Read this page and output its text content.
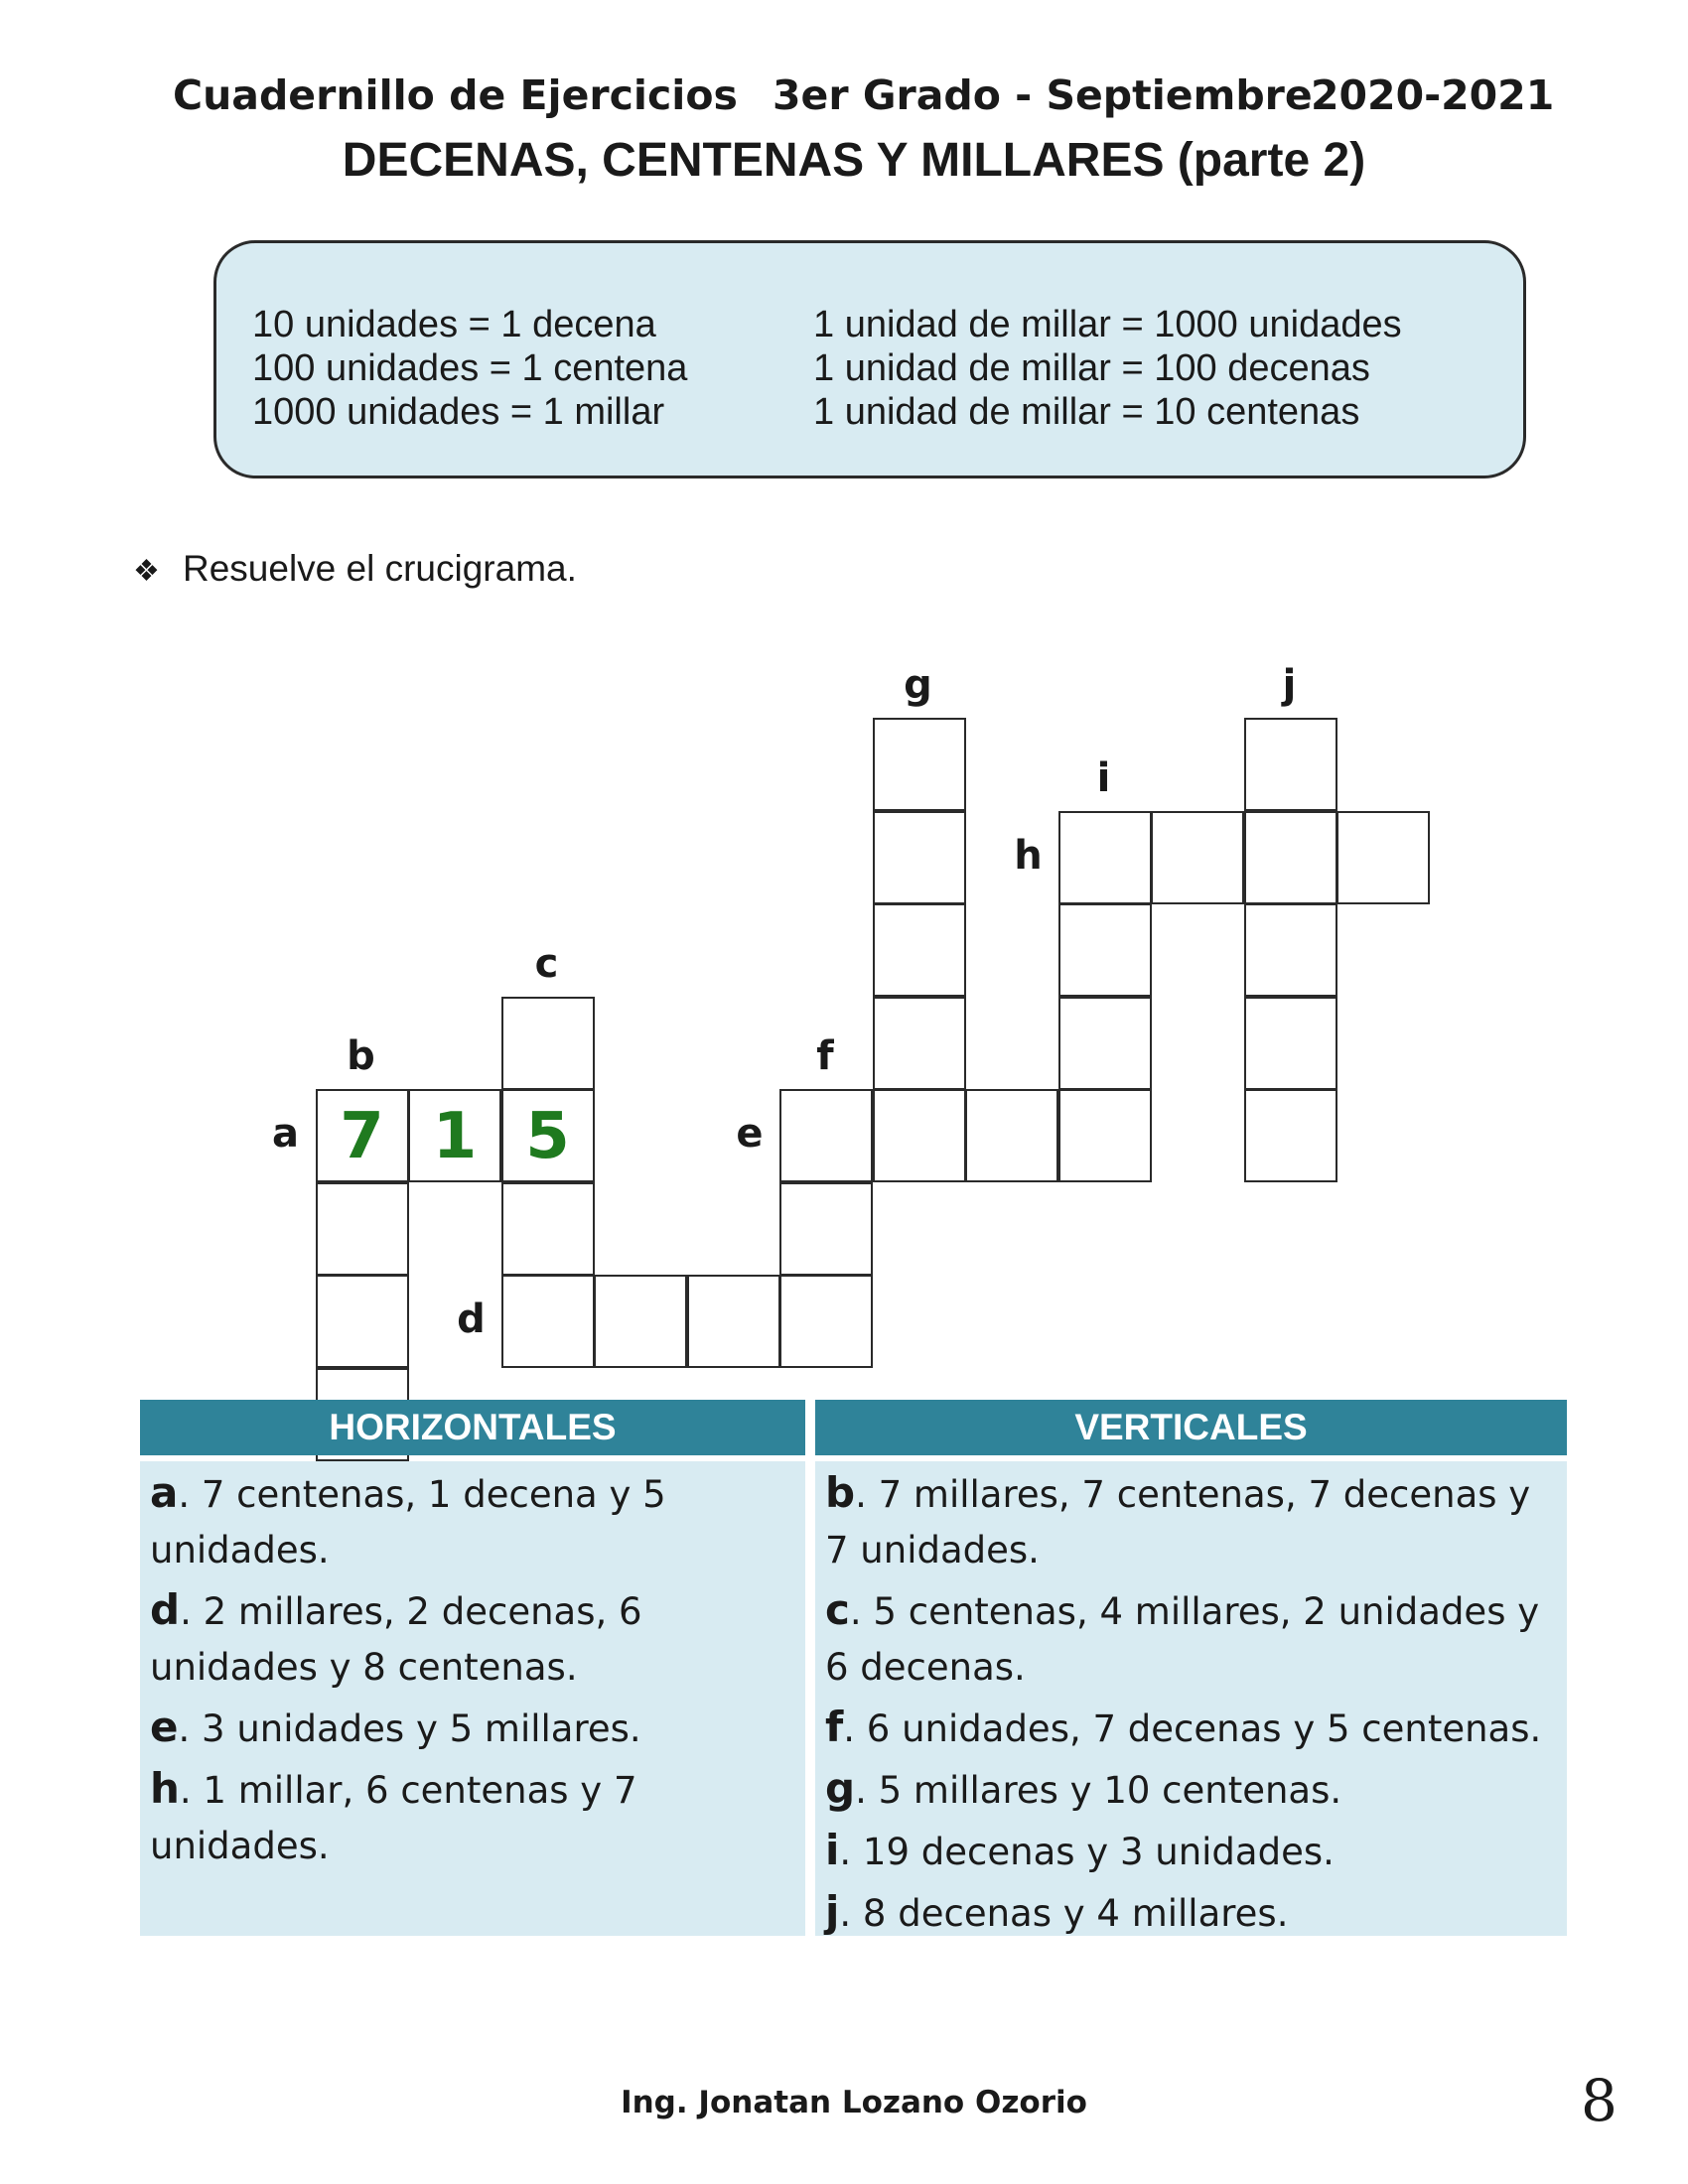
Cuadernillo de Ejercicios 3er Grado - Septiembre
2020-2021
DECENAS, CENTENAS Y MILLARES (parte 2)
10 unidades = 1 decena
100 unidades = 1 centena
1000 unidades = 1 millar
1 unidad de millar = 1000 unidades
1 unidad de millar = 100 decenas
1 unidad de millar = 10 centenas
❖ Resuelve el crucigrama.
7 1 5
a
b
c
d
e
f
g
h
i
j
HORIZONTALES	VERTICALES
a. 7 centenas, 1 decena y 5 unidades.
d. 2 millares, 2 decenas, 6 unidades y 8 centenas.
e. 3 unidades y 5 millares.
h. 1 millar, 6 centenas y 7 unidades.
b. 7 millares, 7 centenas, 7 decenas y 7 unidades.
c. 5 centenas, 4 millares, 2 unidades y 6 decenas.
f. 6 unidades, 7 decenas y 5 centenas.
g. 5 millares y 10 centenas.
i. 19 decenas y 3 unidades.
j. 8 decenas y 4 millares.
Ing. Jonatan Lozano Ozorio	8
